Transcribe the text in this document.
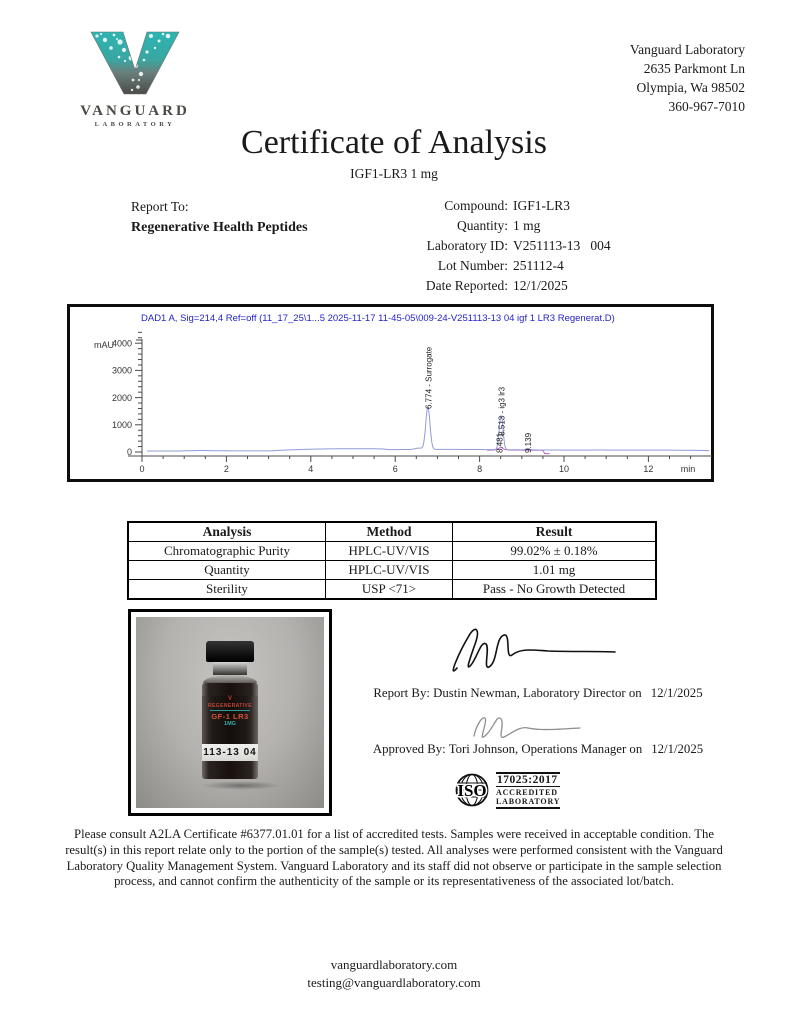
VANGUARD
LABORATORY
Vanguard Laboratory
2635 Parkmont Ln
Olympia, Wa 98502
360-967-7010
Certificate of Analysis
IGF1-LR3 1 mg
Report To:
Regenerative Health Peptides
Compound: IGF1-LR3
Quantity: 1 mg
Laboratory ID: V251113-13   004
Lot Number: 251112-4
Date Reported: 12/1/2025
DAD1 A, Sig=214,4 Ref=off (11_17_25\1...5 2025-11-17 11-45-05\009-24-V251113-13 04 igf 1 LR3 Regenerat.D)
mAU
0
1000
2000
3000
4000
0	2	4	6	8	10	12	min
6.774 - Surrogate
8.481
8.513 - ig3 lr3
9.139
Analysis	Method	Result
Chromatographic Purity	HPLC-UV/VIS	99.02% ± 0.18%
Quantity	HPLC-UV/VIS	1.01 mg
Sterility	USP <71>	Pass - No Growth Detected
V
REGENERATIVE
GF-1 LR3
1MG
113-13 04
Report By: Dustin Newman, Laboratory Director on 12/1/2025
Approved By: Tori Johnson, Operations Manager on 12/1/2025
ISO
17025:2017
ACCREDITED
LABORATORY
Please consult A2LA Certificate #6377.01.01 for a list of accredited tests. Samples were received in acceptable condition. The result(s) in this report relate only to the portion of the sample(s) tested. All analyses were performed consistent with the Vanguard Laboratory Quality Management System. Vanguard Laboratory and its staff did not observe or participate in the sample selection process, and cannot confirm the authenticity of the sample or its representativeness of the associated lot/batch.
vanguardlaboratory.com
testing@vanguardlaboratory.com
